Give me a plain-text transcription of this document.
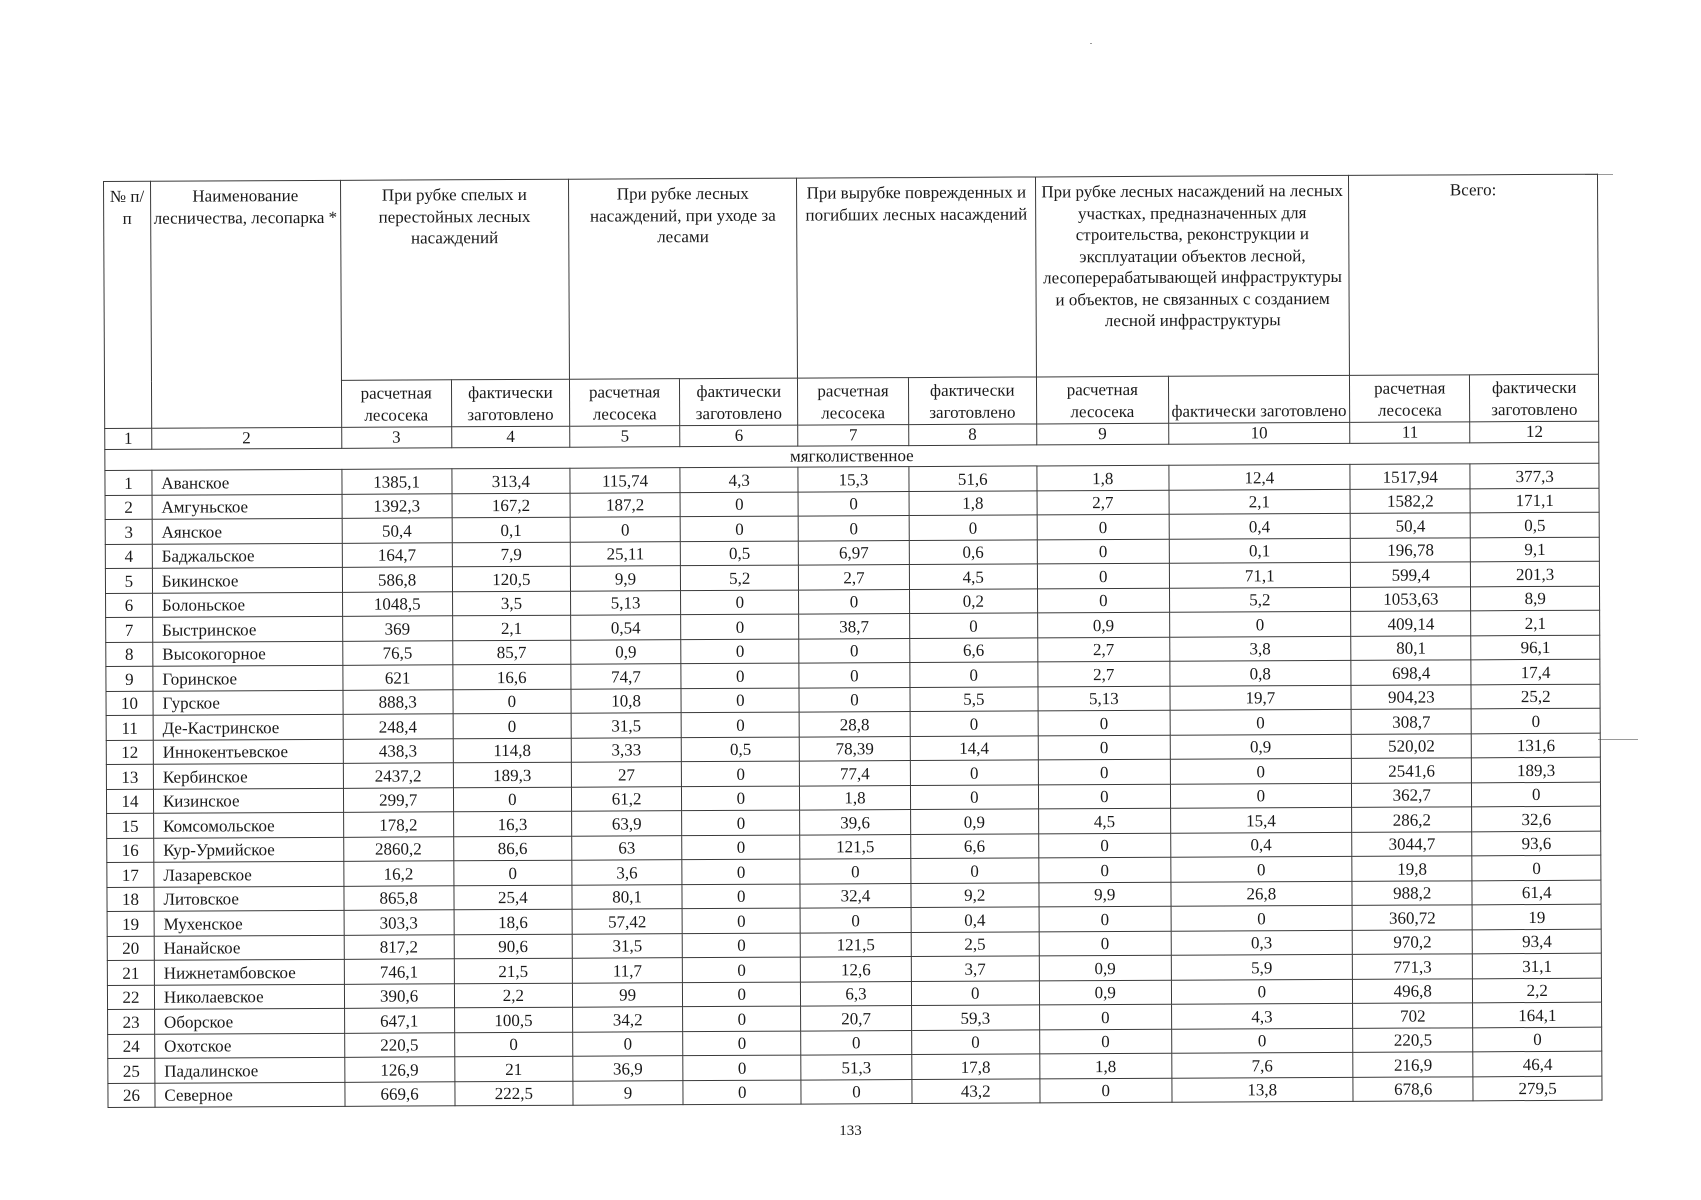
№ п/п	Наименование лесничества, лесопарка *	При рубке спелых и перестойных лесных насаждений		При рубке лесных насаждений, при уходе за лесами		При вырубке поврежденных и погибших лесных насаждений		При рубке лесных насаждений на лесных участках, предназначенных для строительства, реконструкции и эксплуатации объектов лесной, лесоперерабатывающей инфраструктуры и объектов, не связанных с созданием лесной инфраструктуры		Всего:	
		расчетная лесосека	фактически заготовлено	расчетная лесосека	фактически заготовлено	расчетная лесосека	фактически заготовлено	расчетная лесосека	фактически заготовлено	расчетная лесосека	фактически заготовлено
1	2	3	4	5	6	7	8	9	10	11	12
мягколиственное											
1	Аванское	1385,1	313,4	115,74	4,3	15,3	51,6	1,8	12,4	1517,94	377,3
2	Амгуньское	1392,3	167,2	187,2	0	0	1,8	2,7	2,1	1582,2	171,1
3	Аянское	50,4	0,1	0	0	0	0	0	0,4	50,4	0,5
4	Баджальское	164,7	7,9	25,11	0,5	6,97	0,6	0	0,1	196,78	9,1
5	Бикинское	586,8	120,5	9,9	5,2	2,7	4,5	0	71,1	599,4	201,3
6	Болоньское	1048,5	3,5	5,13	0	0	0,2	0	5,2	1053,63	8,9
7	Быстринское	369	2,1	0,54	0	38,7	0	0,9	0	409,14	2,1
8	Высокогорное	76,5	85,7	0,9	0	0	6,6	2,7	3,8	80,1	96,1
9	Горинское	621	16,6	74,7	0	0	0	2,7	0,8	698,4	17,4
10	Гурское	888,3	0	10,8	0	0	5,5	5,13	19,7	904,23	25,2
11	Де-Кастринское	248,4	0	31,5	0	28,8	0	0	0	308,7	0
12	Иннокентьевское	438,3	114,8	3,33	0,5	78,39	14,4	0	0,9	520,02	131,6
13	Кербинское	2437,2	189,3	27	0	77,4	0	0	0	2541,6	189,3
14	Кизинское	299,7	0	61,2	0	1,8	0	0	0	362,7	0
15	Комсомольское	178,2	16,3	63,9	0	39,6	0,9	4,5	15,4	286,2	32,6
16	Кур-Урмийское	2860,2	86,6	63	0	121,5	6,6	0	0,4	3044,7	93,6
17	Лазаревское	16,2	0	3,6	0	0	0	0	0	19,8	0
18	Литовское	865,8	25,4	80,1	0	32,4	9,2	9,9	26,8	988,2	61,4
19	Мухенское	303,3	18,6	57,42	0	0	0,4	0	0	360,72	19
20	Нанайское	817,2	90,6	31,5	0	121,5	2,5	0	0,3	970,2	93,4
21	Нижнетамбовское	746,1	21,5	11,7	0	12,6	3,7	0,9	5,9	771,3	31,1
22	Николаевское	390,6	2,2	99	0	6,3	0	0,9	0	496,8	2,2
23	Оборское	647,1	100,5	34,2	0	20,7	59,3	0	4,3	702	164,1
24	Охотское	220,5	0	0	0	0	0	0	0	220,5	0
25	Падалинское	126,9	21	36,9	0	51,3	17,8	1,8	7,6	216,9	46,4
26	Северное	669,6	222,5	9	0	0	43,2	0	13,8	678,6	279,5
133
